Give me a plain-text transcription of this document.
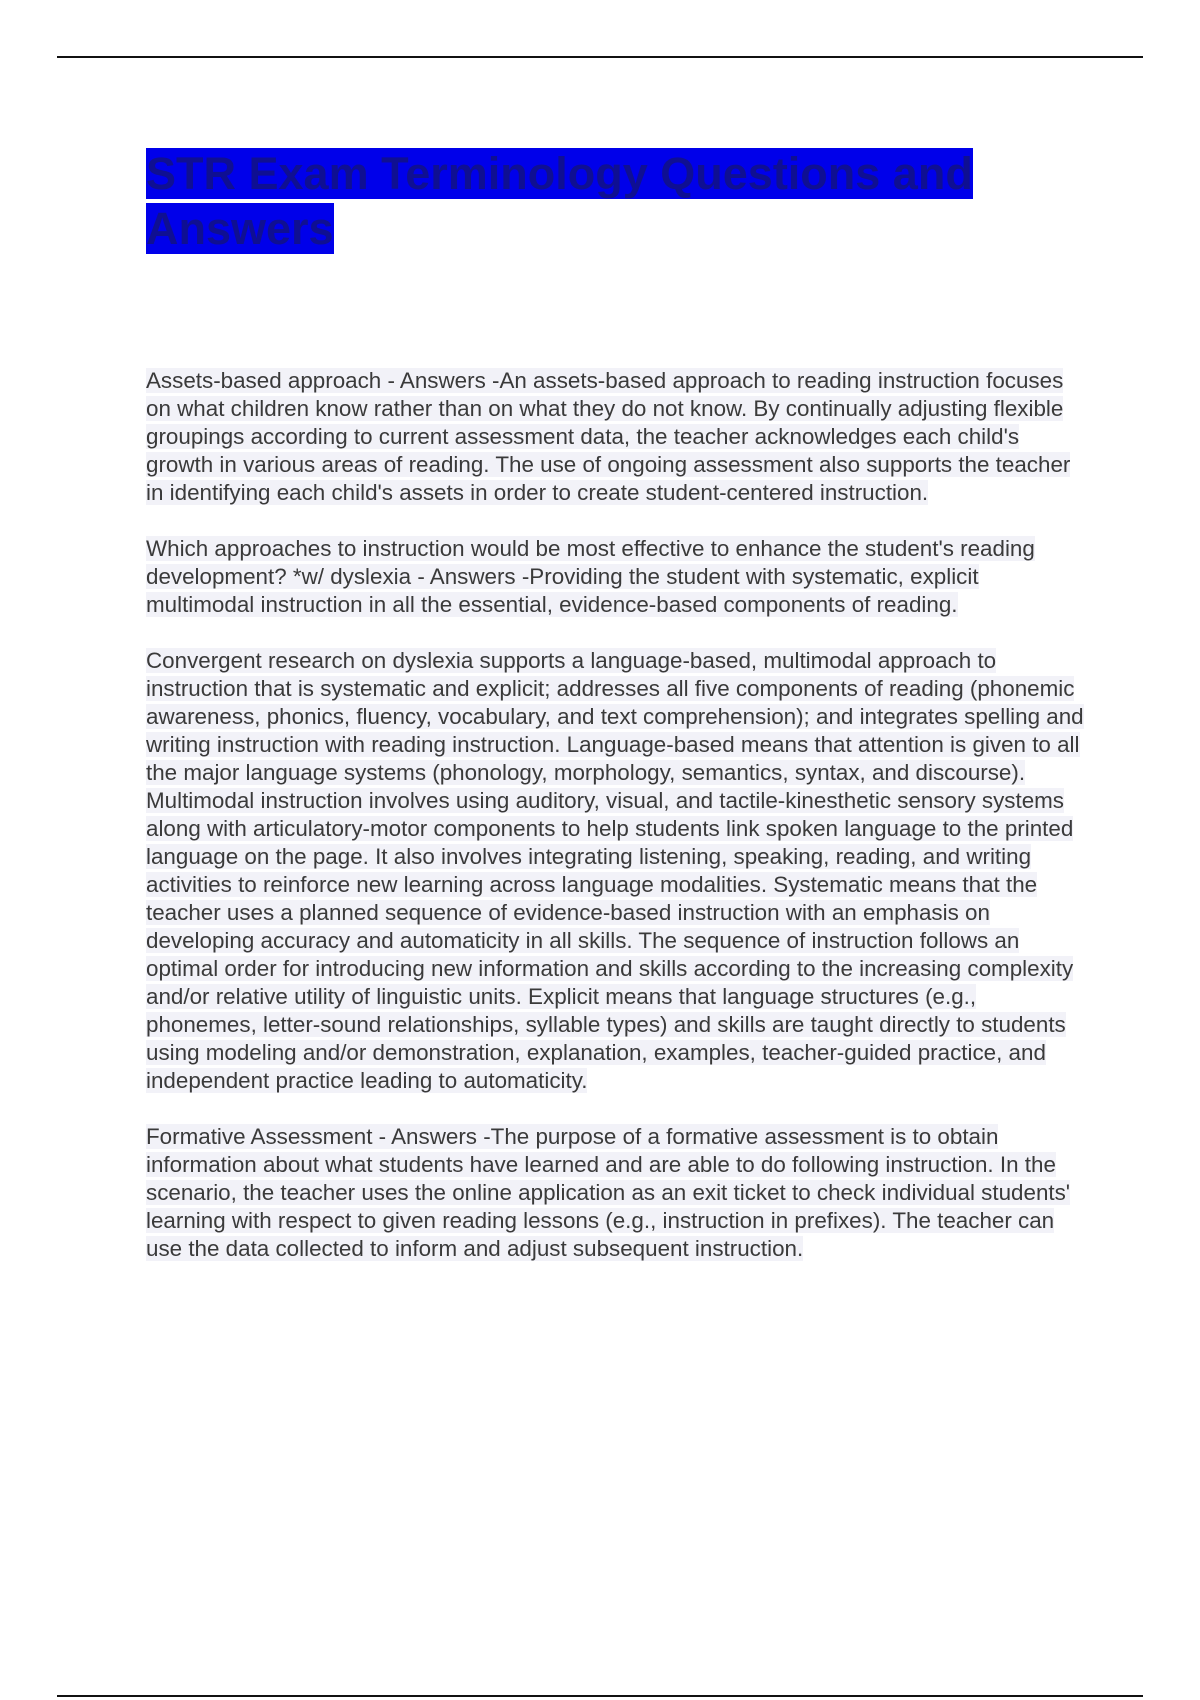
STR Exam Terminology Questions and Answers

Assets-based approach - Answers -An assets-based approach to reading instruction focuses on what children know rather than on what they do not know. By continually adjusting flexible groupings according to current assessment data, the teacher acknowledges each child's growth in various areas of reading. The use of ongoing assessment also supports the teacher in identifying each child's assets in order to create student-centered instruction.

Which approaches to instruction would be most effective to enhance the student's reading development? *w/ dyslexia - Answers -Providing the student with systematic, explicit multimodal instruction in all the essential, evidence-based components of reading.

Convergent research on dyslexia supports a language-based, multimodal approach to instruction that is systematic and explicit; addresses all five components of reading (phonemic awareness, phonics, fluency, vocabulary, and text comprehension); and integrates spelling and writing instruction with reading instruction. Language-based means that attention is given to all the major language systems (phonology, morphology, semantics, syntax, and discourse). Multimodal instruction involves using auditory, visual, and tactile-kinesthetic sensory systems along with articulatory-motor components to help students link spoken language to the printed language on the page. It also involves integrating listening, speaking, reading, and writing activities to reinforce new learning across language modalities. Systematic means that the teacher uses a planned sequence of evidence-based instruction with an emphasis on developing accuracy and automaticity in all skills. The sequence of instruction follows an optimal order for introducing new information and skills according to the increasing complexity and/or relative utility of linguistic units. Explicit means that language structures (e.g., phonemes, letter-sound relationships, syllable types) and skills are taught directly to students using modeling and/or demonstration, explanation, examples, teacher-guided practice, and independent practice leading to automaticity.

Formative Assessment - Answers -The purpose of a formative assessment is to obtain information about what students have learned and are able to do following instruction. In the scenario, the teacher uses the online application as an exit ticket to check individual students' learning with respect to given reading lessons (e.g., instruction in prefixes). The teacher can use the data collected to inform and adjust subsequent instruction.
